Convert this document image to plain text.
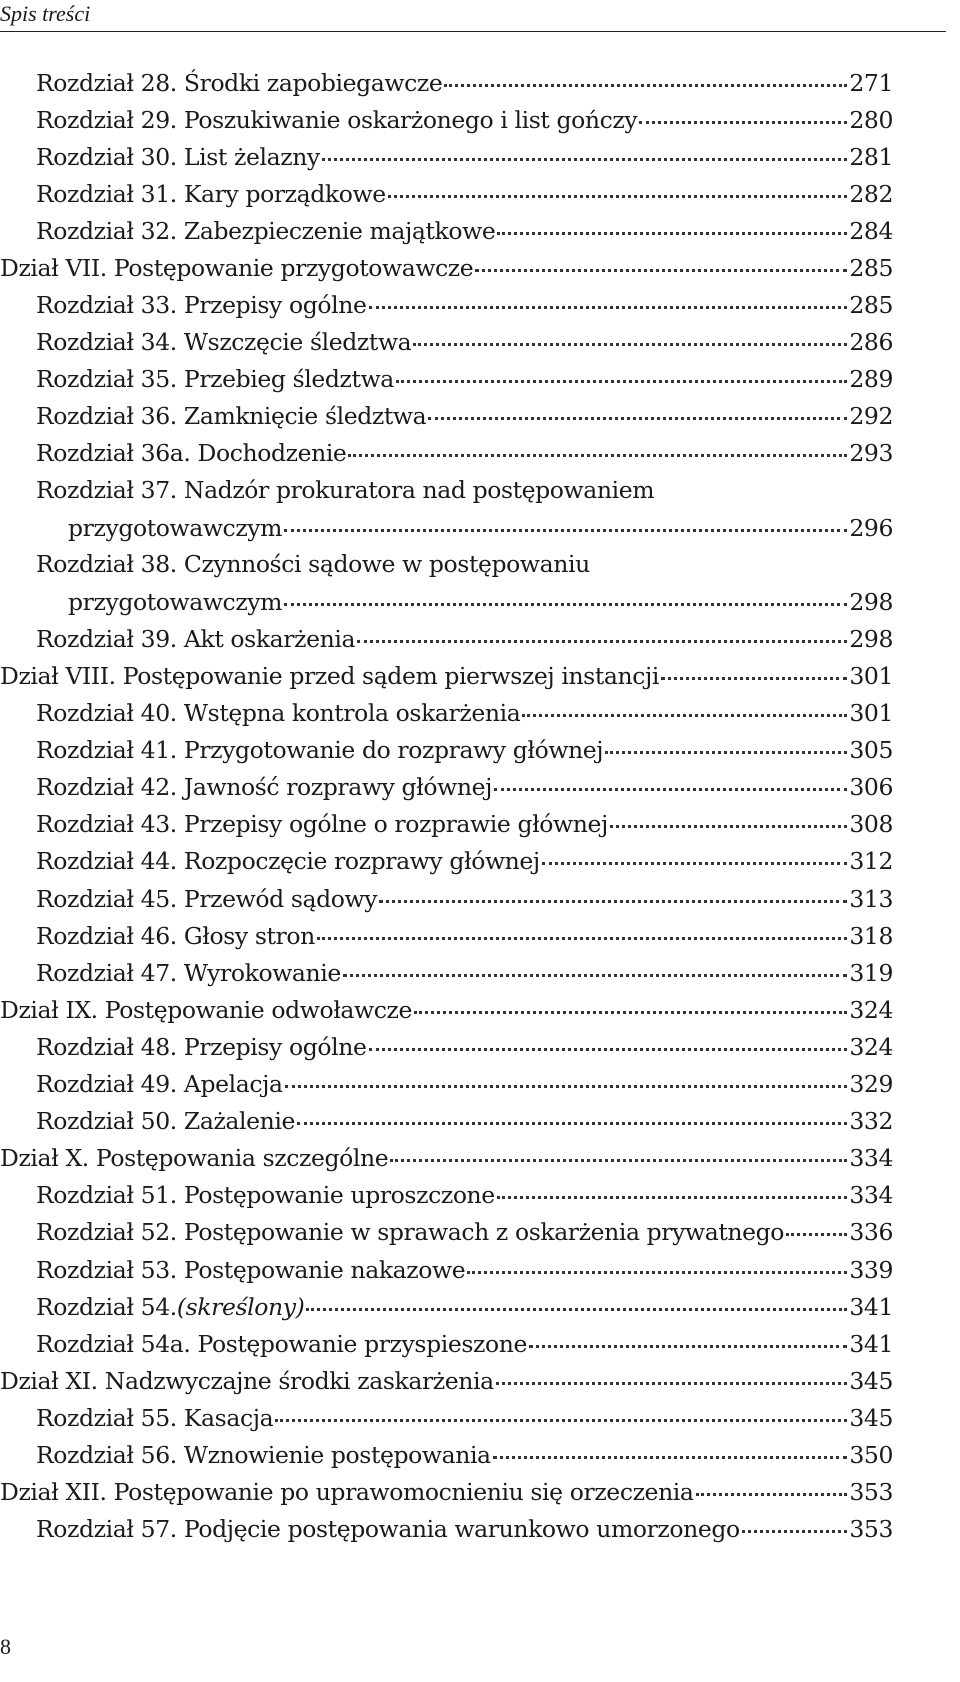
Spis treści
Rozdział 28. Środki zapobiegawcze	271
Rozdział 29. Poszukiwanie oskarżonego i list gończy	280
Rozdział 30. List żelazny	281
Rozdział 31. Kary porządkowe	282
Rozdział 32. Zabezpieczenie majątkowe	284
Dział VII. Postępowanie przygotowawcze	285
Rozdział 33. Przepisy ogólne	285
Rozdział 34. Wszczęcie śledztwa	286
Rozdział 35. Przebieg śledztwa	289
Rozdział 36. Zamknięcie śledztwa	292
Rozdział 36a. Dochodzenie	293
Rozdział 37. Nadzór prokuratora nad postępowaniem
przygotowawczym	296
Rozdział 38. Czynności sądowe w postępowaniu
przygotowawczym	298
Rozdział 39. Akt oskarżenia	298
Dział VIII. Postępowanie przed sądem pierwszej instancji	301
Rozdział 40. Wstępna kontrola oskarżenia	301
Rozdział 41. Przygotowanie do rozprawy głównej	305
Rozdział 42. Jawność rozprawy głównej	306
Rozdział 43. Przepisy ogólne o rozprawie głównej	308
Rozdział 44. Rozpoczęcie rozprawy głównej	312
Rozdział 45. Przewód sądowy	313
Rozdział 46. Głosy stron	318
Rozdział 47. Wyrokowanie	319
Dział IX. Postępowanie odwoławcze	324
Rozdział 48. Przepisy ogólne	324
Rozdział 49. Apelacja	329
Rozdział 50. Zażalenie	332
Dział X. Postępowania szczególne	334
Rozdział 51. Postępowanie uproszczone	334
Rozdział 52. Postępowanie w sprawach z oskarżenia prywatnego	336
Rozdział 53. Postępowanie nakazowe	339
Rozdział 54. (skreślony)	341
Rozdział 54a. Postępowanie przyspieszone	341
Dział XI. Nadzwyczajne środki zaskarżenia	345
Rozdział 55. Kasacja	345
Rozdział 56. Wznowienie postępowania	350
Dział XII. Postępowanie po uprawomocnieniu się orzeczenia	353
Rozdział 57. Podjęcie postępowania warunkowo umorzonego	353
8
